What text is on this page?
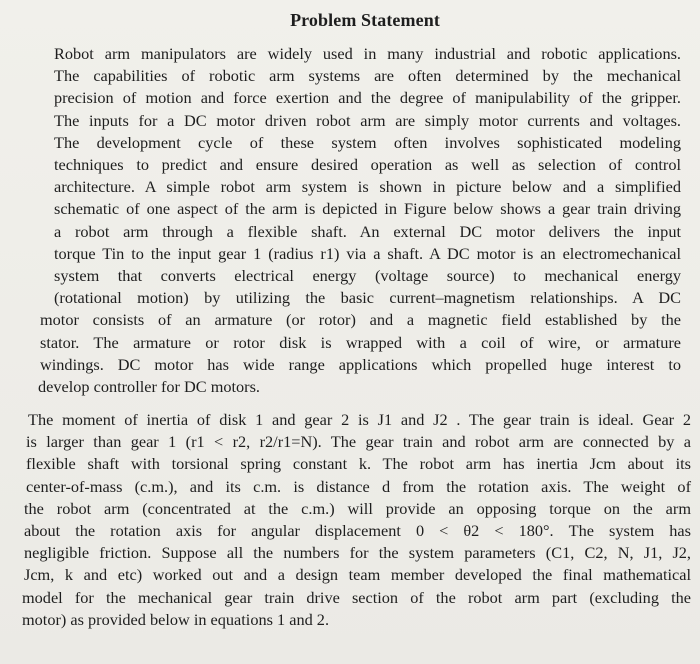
Problem Statement
Robot arm manipulators are widely used in many industrial and robotic applications.
The capabilities of robotic arm systems are often determined by the mechanical
precision of motion and force exertion and the degree of manipulability of the gripper.
The inputs for a DC motor driven robot arm are simply motor currents and voltages.
The development cycle of these system often involves sophisticated modeling
techniques to predict and ensure desired operation as well as selection of control
architecture. A simple robot arm system is shown in picture below and a simplified
schematic of one aspect of the arm is depicted in Figure below shows a gear train driving
a robot arm through a flexible shaft. An external DC motor delivers the input
torque Tin to the input gear 1 (radius r1) via a shaft. A DC motor is an electromechanical
system that converts electrical energy (voltage source) to mechanical energy
(rotational motion) by utilizing the basic current–magnetism relationships. A DC
motor consists of an armature (or rotor) and a magnetic field established by the
stator. The armature or rotor disk is wrapped with a coil of wire, or armature
windings. DC motor has wide range applications which propelled huge interest to
develop controller for DC motors.
The moment of inertia of disk 1 and gear 2 is J1 and J2 . The gear train is ideal. Gear 2
is larger than gear 1 (r1 < r2, r2/r1=N). The gear train and robot arm are connected by a
flexible shaft with torsional spring constant k. The robot arm has inertia Jcm about its
center-of-mass (c.m.), and its c.m. is distance d from the rotation axis. The weight of
the robot arm (concentrated at the c.m.) will provide an opposing torque on the arm
about the rotation axis for angular displacement 0 < θ2 < 180°. The system has
negligible friction. Suppose all the numbers for the system parameters (C1, C2, N, J1, J2,
Jcm, k and etc) worked out and a design team member developed the final mathematical
model for the mechanical gear train drive section of the robot arm part (excluding the
motor) as provided below in equations 1 and 2.
